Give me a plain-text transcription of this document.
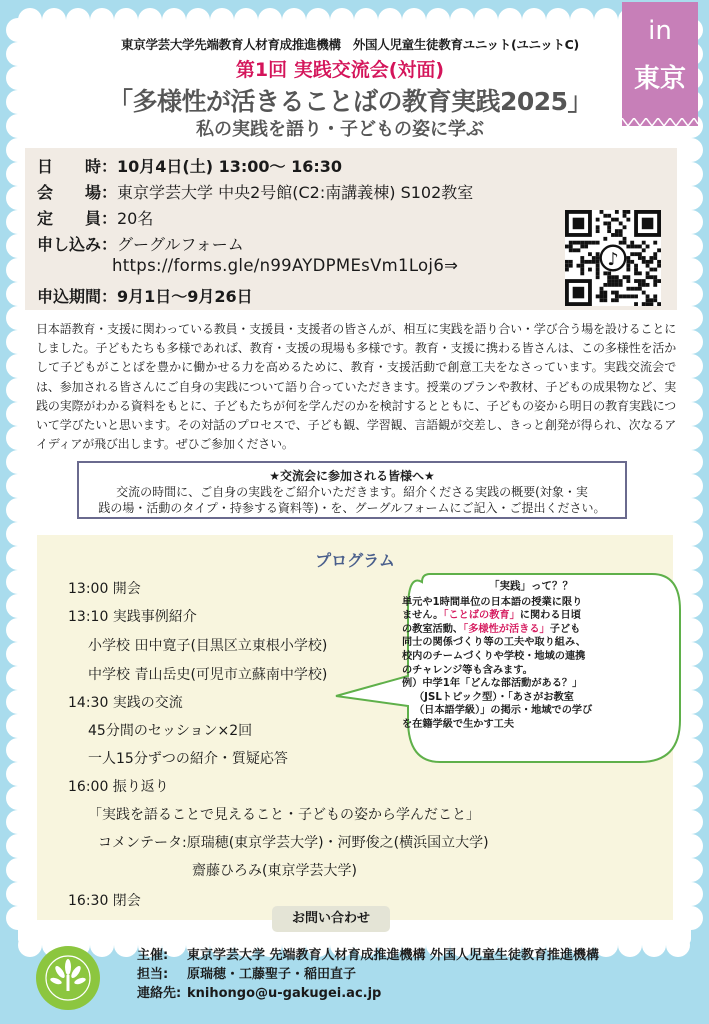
東京学芸大学先端教育人材育成推進機構　外国人児童生徒教育ユニット(ユニットC)
第1回 実践交流会(対面)
「多様性が活きることばの教育実践2025」
私の実践を語り・子どもの姿に学ぶ
in
東京
日　　時：10月4日(土) 13:00～ 16:30
会　　場：東京学芸大学 中央2号館(C2:南講義棟) S102教室
定　　員：20名
申し込み：グーグルフォーム
申込期間：9月1日～9月26日
https://forms.gle/n99AYDPMEsVm1Loj6⇒	♪
日本語教育・支援に関わっている教員・支援員・支援者の皆さんが、相互に実践を語り合い・学び合う場を設けることにしました。子どもたちも多様であれば、教育・支援の現場も多様です。教育・支援に携わる皆さんは、この多様性を活かして子どもがことばを豊かに働かせる力を高めるために、教育・支援活動で創意工夫をなさっています。実践交流会では、参加される皆さんにご自身の実践について語り合っていただきます。授業のプランや教材、子どもの成果物など、実践の実際がわかる資料をもとに、子どもたちが何を学んだのかを検討するとともに、子どもの姿から明日の教育実践について学びたいと思います。その対話のプロセスで、子ども観、学習観、言語観が交差し、きっと創発が得られ、次なるアイディアが飛び出します。ぜひご参加ください。
★交流会に参加される皆様へ★
交流の時間に、ご自身の実践をご紹介いただきます。紹介くださる実践の概要(対象・実
践の場・活動のタイプ・持参する資料等)・を、グーグルフォームにご記入・ご提出ください。
プログラム
13:00 開会
13:10 実践事例紹介
小学校 田中寛子(目黒区立東根小学校)
中学校 青山岳史(可児市立蘇南中学校)
14:30 実践の交流
45分間のセッション×2回
一人15分ずつの紹介・質疑応答
16:00 振り返り
「実践を語ることで見えること・子どもの姿から学んだこと」
コメンテータ:原瑞穂(東京学芸大学)・河野俊之(横浜国立大学)
齋藤ひろみ(東京学芸大学)
16:30 閉会
「実践」って？？
単元や1時間単位の日本語の授業に限り
ません。「ことばの教育」に関わる日頃
の教室活動、「多様性が活きる」子ども
同士の関係づくり等の工夫や取り組み、
校内のチームづくりや学校・地域の連携
のチャレンジ等も含みます。
例）中学1年「どんな部活動がある？」
（JSLトピック型）・「あさがお教室
（日本語学級）」の掲示・地域での学び
を在籍学級で生かす工夫
お問い合わせ
主催: 東京学芸大学 先端教育人材育成推進機構 外国人児童生徒教育推進機構
担当: 原瑞穂・工藤聖子・稲田直子
連絡先: knihongo@u-gakugei.ac.jp
